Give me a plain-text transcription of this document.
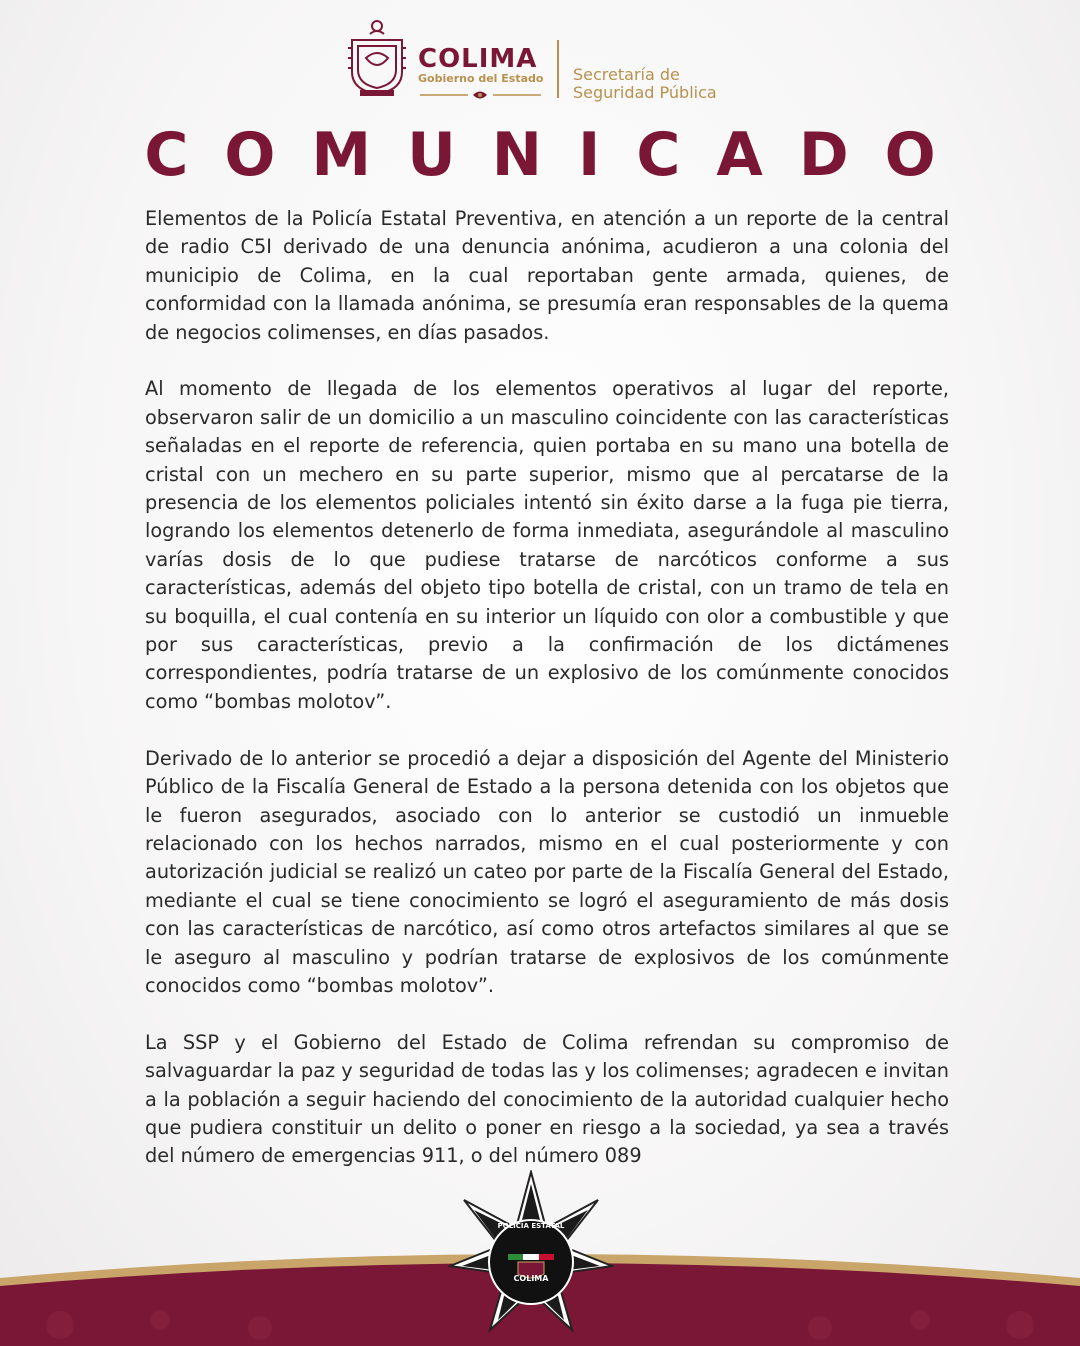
COLIMA
Gobierno del Estado Secretaría de
Seguridad Pública
COMUNICADO

Elementos de la Policía Estatal Preventiva, en atención a un reporte de la central de radio C5I derivado de una denuncia anónima, acudieron a una colonia del municipio de Colima, en la cual reportaban gente armada, quienes, de conformidad con la llamada anónima, se presumía eran responsables de la quema de negocios colimenses, en días pasados.

Al momento de llegada de los elementos operativos al lugar del reporte, observaron salir de un domicilio a un masculino coincidente con las características señaladas en el reporte de referencia, quien portaba en su mano una botella de cristal con un mechero en su parte superior, mismo que al percatarse de la presencia de los elementos policiales intentó sin éxito darse a la fuga pie tierra, logrando los elementos detenerlo de forma inmediata, asegurándole al masculino varías dosis de lo que pudiese tratarse de narcóticos conforme a sus características, además del objeto tipo botella de cristal, con un tramo de tela en su boquilla, el cual contenía en su interior un líquido con olor a combustible y que por sus características, previo a la confirmación de los dictámenes correspondientes, podría tratarse de un explosivo de los comúnmente conocidos como “bombas molotov”.

Derivado de lo anterior se procedió a dejar a disposición del Agente del Ministerio Público de la Fiscalía General de Estado a la persona detenida con los objetos que le fueron asegurados, asociado con lo anterior se custodió un inmueble relacionado con los hechos narrados, mismo en el cual posteriormente y con autorización judicial se realizó un cateo por parte de la Fiscalía General del Estado, mediante el cual se tiene conocimiento se logró el aseguramiento de más dosis con las características de narcótico, así como otros artefactos similares al que se le aseguro al masculino y podrían tratarse de explosivos de los comúnmente conocidos como “bombas molotov”.

La SSP y el Gobierno del Estado de Colima refrendan su compromiso de salvaguardar la paz y seguridad de todas las y los colimenses; agradecen e invitan a la población a seguir haciendo del conocimiento de la autoridad cualquier hecho que pudiera constituir un delito o poner en riesgo a la sociedad, ya sea a través del número de emergencias 911, o del número 089

POLICÍA ESTATAL
COLIMA
